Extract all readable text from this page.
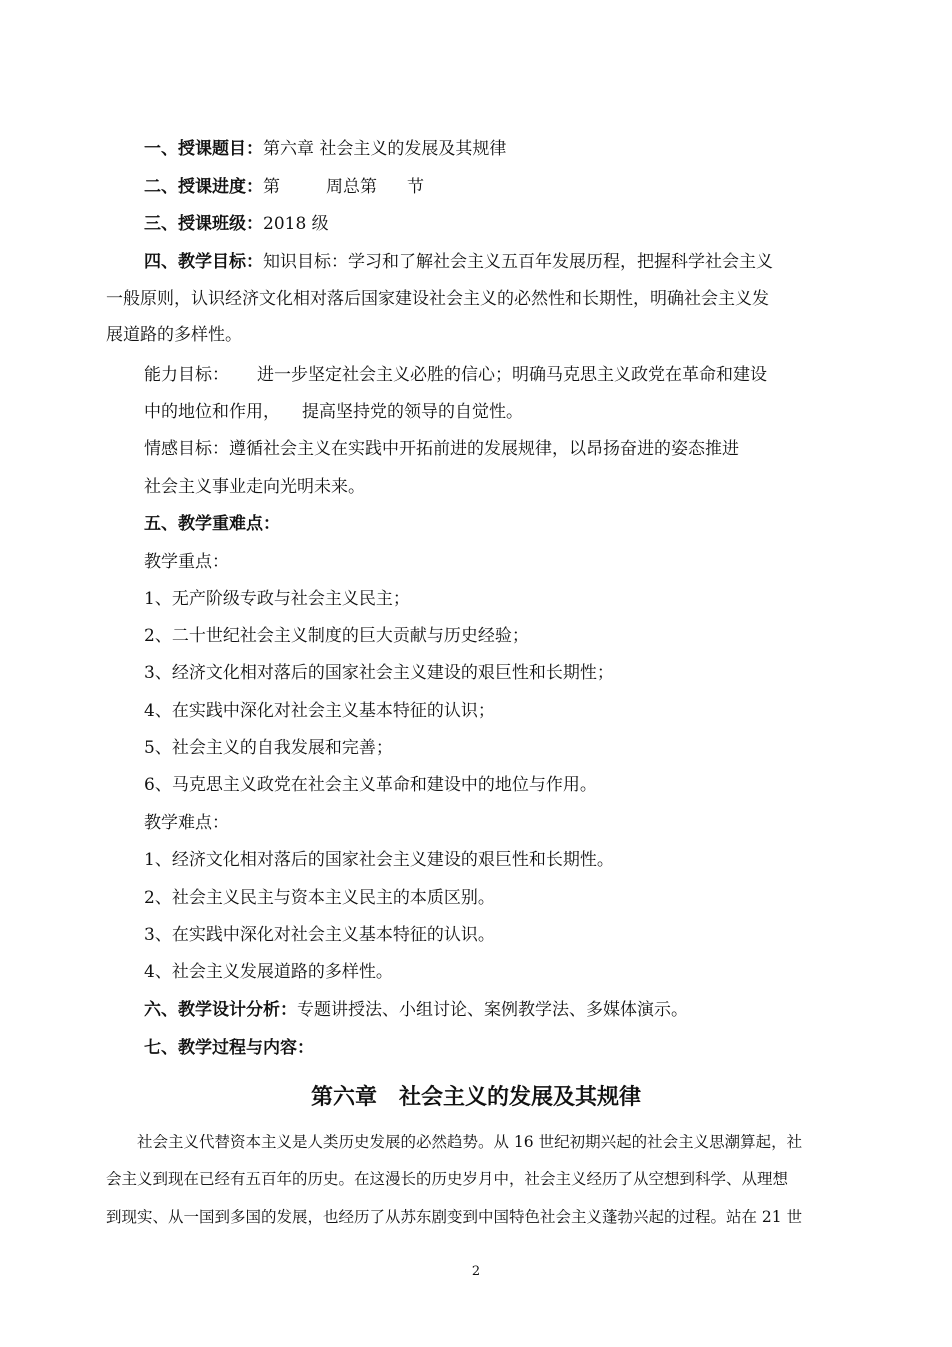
一、授课题目：第六章 社会主义的发展及其规律
二、授课进度：第	周总第 节
三、授课班级：2018 级
四、教学目标：知识目标：学习和了解社会主义五百年发展历程，把握科学社会主义
一般原则，认识经济文化相对落后国家建设社会主义的必然性和长期性，明确社会主义发
展道路的多样性。
能力目标： 进一步坚定社会主义必胜的信心；明确马克思主义政党在革命和建设
中的地位和作用， 提高坚持党的领导的自觉性。
情感目标：遵循社会主义在实践中开拓前进的发展规律，以昂扬奋进的姿态推进
社会主义事业走向光明未来。
五、教学重难点：
教学重点：
1、无产阶级专政与社会主义民主；
2、二十世纪社会主义制度的巨大贡献与历史经验；
3、经济文化相对落后的国家社会主义建设的艰巨性和长期性；
4、在实践中深化对社会主义基本特征的认识；
5、社会主义的自我发展和完善；
6、马克思主义政党在社会主义革命和建设中的地位与作用。
教学难点：
1、经济文化相对落后的国家社会主义建设的艰巨性和长期性。
2、社会主义民主与资本主义民主的本质区别。
3、在实践中深化对社会主义基本特征的认识。
4、社会主义发展道路的多样性。
六、教学设计分析：专题讲授法、小组讨论、案例教学法、多媒体演示。
七、教学过程与内容：
第六章 社会主义的发展及其规律
社会主义代替资本主义是人类历史发展的必然趋势。从 16 世纪初期兴起的社会主义思潮算起，社
会主义到现在已经有五百年的历史。在这漫长的历史岁月中，社会主义经历了从空想到科学、从理想
到现实、从一国到多国的发展，也经历了从苏东剧变到中国特色社会主义蓬勃兴起的过程。站在 21 世
2
